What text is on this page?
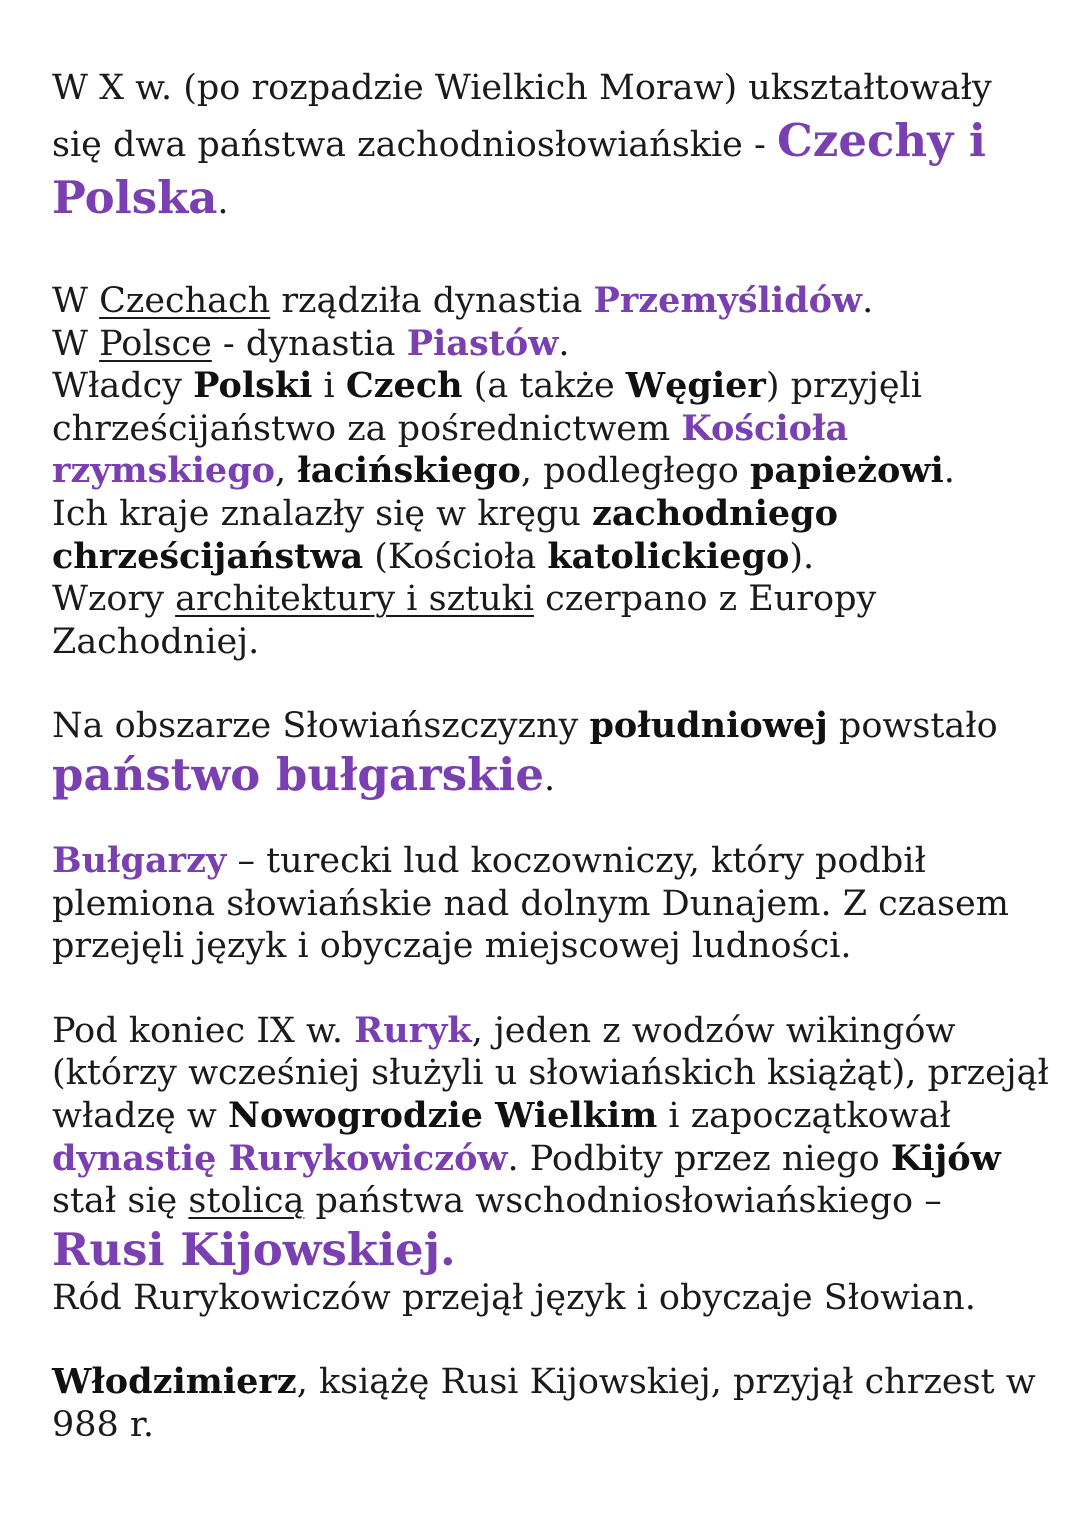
W X w. (po rozpadzie Wielkich Moraw) ukształtowały się dwa państwa zachodniosłowiańskie - Czechy i Polska.

W Czechach rządziła dynastia Przemyślidów.
W Polsce - dynastia Piastów.
Władcy Polski i Czech (a także Węgier) przyjęli chrześcijaństwo za pośrednictwem Kościoła rzymskiego, łacińskiego, podległego papieżowi.
Ich kraje znalazły się w kręgu zachodniego chrześcijaństwa (Kościoła katolickiego).
Wzory architektury i sztuki czerpano z Europy Zachodniej.

Na obszarze Słowiańszczyzny południowej powstało
państwo bułgarskie.

Bułgarzy – turecki lud koczowniczy, który podbił plemiona słowiańskie nad dolnym Dunajem. Z czasem przejęli język i obyczaje miejscowej ludności.

Pod koniec IX w. Ruryk, jeden z wodzów wikingów (którzy wcześniej służyli u słowiańskich książąt), przejął władzę w Nowogrodzie Wielkim i zapoczątkował dynastię Rurykowiczów. Podbity przez niego Kijów stał się stolicą państwa wschodniosłowiańskiego –
Rusi Kijowskiej.
Ród Rurykowiczów przejął język i obyczaje Słowian.

Włodzimierz, książę Rusi Kijowskiej, przyjął chrzest w 988 r.
